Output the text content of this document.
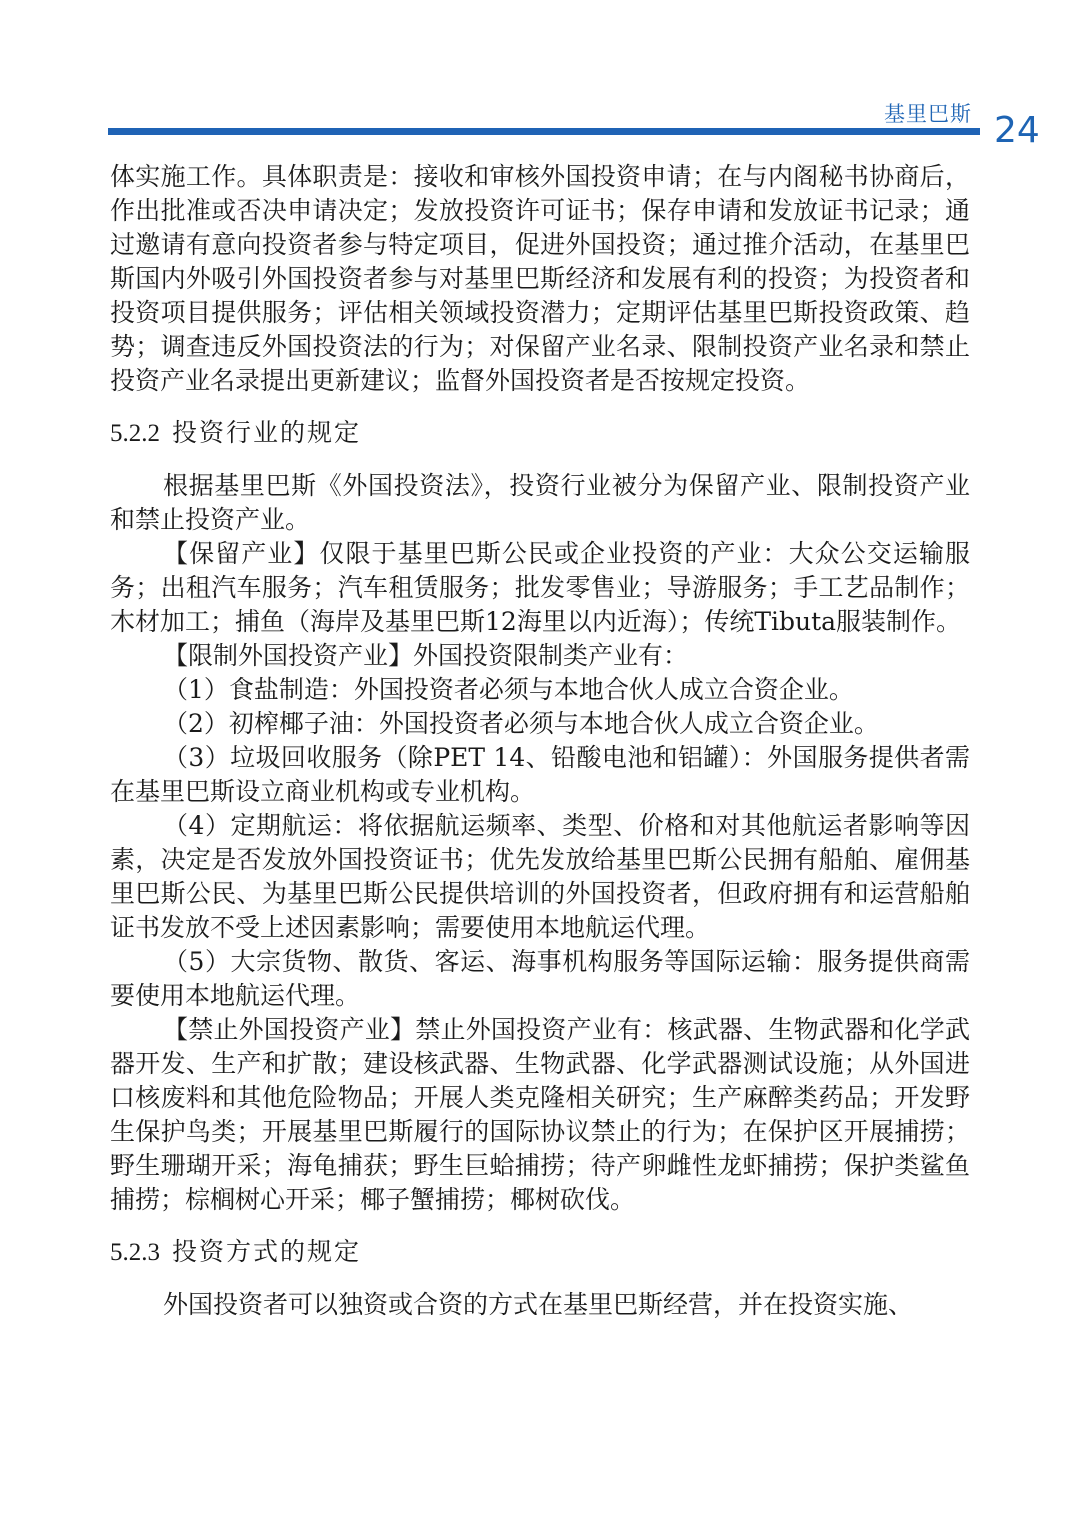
基里巴斯 24

体实施工作。具体职责是：接收和审核外国投资申请；在与内阁秘书协商后，作出批准或否决申请决定；发放投资许可证书；保存申请和发放证书记录；通过邀请有意向投资者参与特定项目，促进外国投资；通过推介活动，在基里巴斯国内外吸引外国投资者参与对基里巴斯经济和发展有利的投资；为投资者和投资项目提供服务；评估相关领域投资潜力；定期评估基里巴斯投资政策、趋势；调查违反外国投资法的行为；对保留产业名录、限制投资产业名录和禁止投资产业名录提出更新建议；监督外国投资者是否按规定投资。

5.2.2 投资行业的规定

根据基里巴斯《外国投资法》，投资行业被分为保留产业、限制投资产业和禁止投资产业。

【保留产业】仅限于基里巴斯公民或企业投资的产业：大众公交运输服务；出租汽车服务；汽车租赁服务；批发零售业；导游服务；手工艺品制作；木材加工；捕鱼（海岸及基里巴斯12海里以内近海）；传统Tibuta服装制作。

【限制外国投资产业】外国投资限制类产业有：

（1）食盐制造：外国投资者必须与本地合伙人成立合资企业。

（2）初榨椰子油：外国投资者必须与本地合伙人成立合资企业。

（3）垃圾回收服务（除PET 14、铅酸电池和铝罐）：外国服务提供者需在基里巴斯设立商业机构或专业机构。

（4）定期航运：将依据航运频率、类型、价格和对其他航运者影响等因素，决定是否发放外国投资证书；优先发放给基里巴斯公民拥有船舶、雇佣基里巴斯公民、为基里巴斯公民提供培训的外国投资者，但政府拥有和运营船舶证书发放不受上述因素影响；需要使用本地航运代理。

（5）大宗货物、散货、客运、海事机构服务等国际运输：服务提供商需要使用本地航运代理。

【禁止外国投资产业】禁止外国投资产业有：核武器、生物武器和化学武器开发、生产和扩散；建设核武器、生物武器、化学武器测试设施；从外国进口核废料和其他危险物品；开展人类克隆相关研究；生产麻醉类药品；开发野生保护鸟类；开展基里巴斯履行的国际协议禁止的行为；在保护区开展捕捞；野生珊瑚开采；海龟捕获；野生巨蛤捕捞；待产卵雌性龙虾捕捞；保护类鲨鱼捕捞；棕榈树心开采；椰子蟹捕捞；椰树砍伐。

5.2.3 投资方式的规定

外国投资者可以独资或合资的方式在基里巴斯经营，并在投资实施、
